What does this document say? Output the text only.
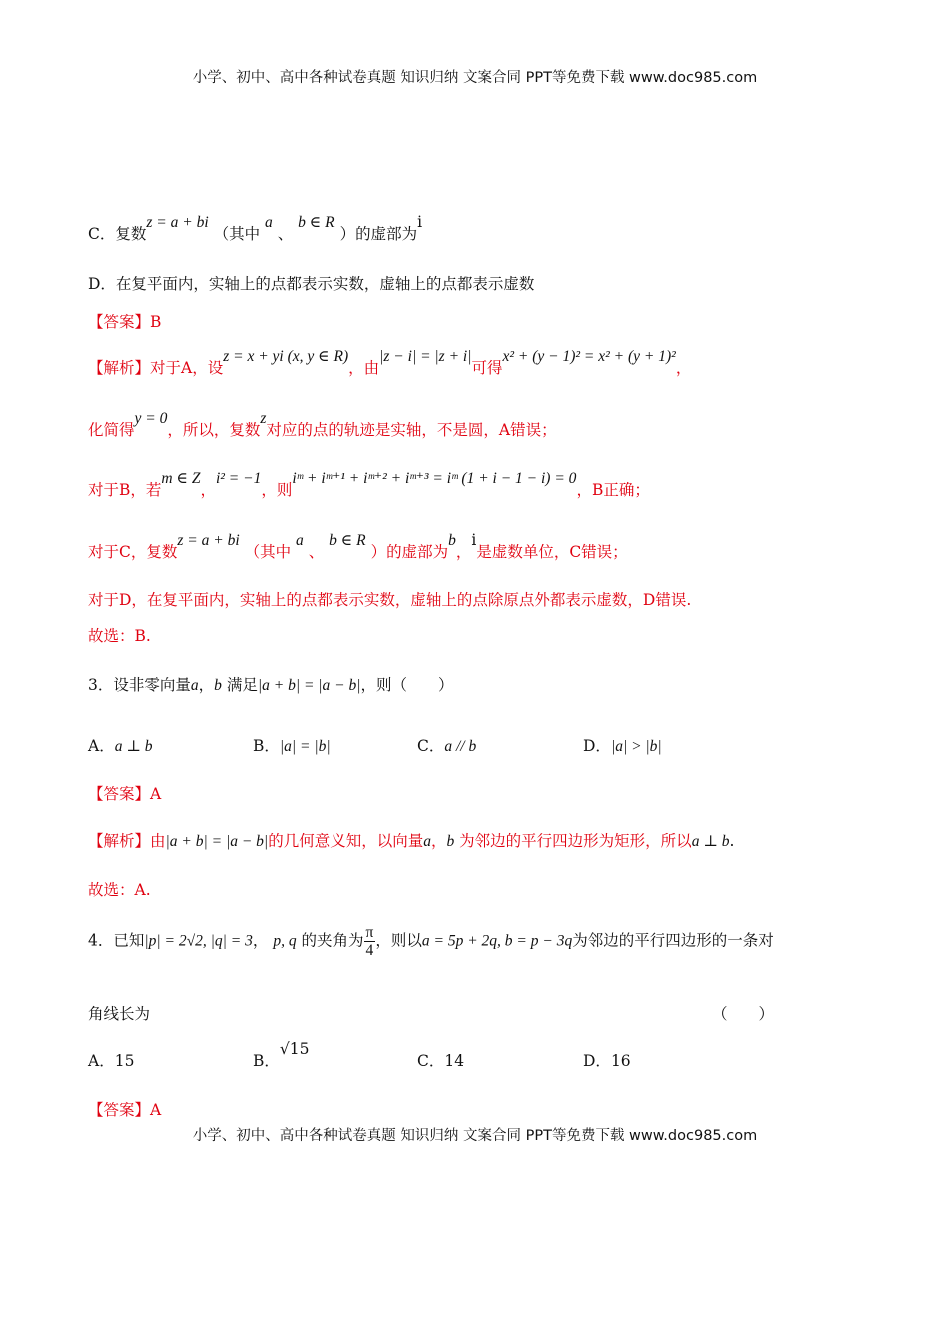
小学、初中、高中各种试卷真题 知识归纳 文案合同 PPT等免费下载 www.doc985.com
C．复数z = a + bi （其中 a 、 b ∈ R ）的虚部为i
D．在复平面内，实轴上的点都表示实数，虚轴上的点都表示虚数
【答案】B
【解析】对于A，设z = x + yi (x, y ∈ R)，由|z − i| = |z + i|可得x² + (y − 1)² = x² + (y + 1)²，
化简得y = 0，所以，复数z对应的点的轨迹是实轴，不是圆，A错误；
对于B，若m ∈ Z，i² = −1，则iᵐ + iᵐ⁺¹ + iᵐ⁺² + iᵐ⁺³ = iᵐ (1 + i − 1 − i) = 0，B正确；
对于C，复数z = a + bi （其中 a 、 b ∈ R ）的虚部为b，i是虚数单位，C错误；
对于D，在复平面内，实轴上的点都表示实数，虚轴上的点除原点外都表示虚数，D错误.
故选：B.
3．设非零向量a，b 满足|a + b| = |a − b|，则（　　）
A．a ⊥ b	B．|a| = |b|	C．a // b	D．|a| > |b|
【答案】A
【解析】由|a + b| = |a − b|的几何意义知，以向量a，b 为邻边的平行四边形为矩形，所以a ⊥ b.
故选：A.
4．已知|p| = 2√2, |q| = 3， p, q 的夹角为 $\frac{\pi}{4}$ ，则以a = 5p + 2q, b = p − 3q为邻边的平行四边形的一条对
角线长为	（　　）
A．15	B．√15
C．14	D．16
【答案】A
小学、初中、高中各种试卷真题 知识归纳 文案合同 PPT等免费下载 www.doc985.com
